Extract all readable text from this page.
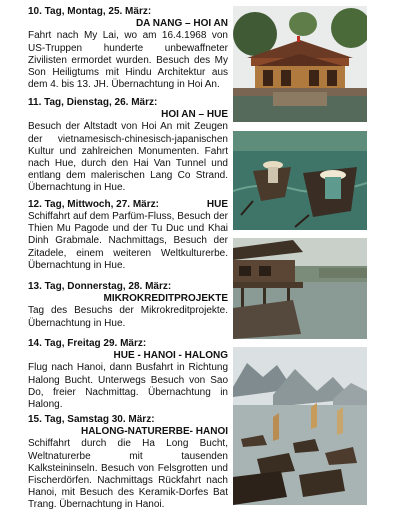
10. Tag, Montag, 25. März:
DA NANG – HOI AN
Fahrt nach My Lai, wo am 16.4.1968 von US-Truppen hunderte unbewaffneter Zivilisten ermordet wurden. Besuch des My Son Heiligtums mit Hindu Architektur aus dem 4. bis 13. JH. Übernachtung in Hoi An.
11. Tag, Dienstag, 26. März:
HOI AN – HUE
Besuch der Altstadt von Hoi An mit Zeugen der vietnamesisch-chinesisch-japanischen Kultur und zahlreichen Monumenten. Fahrt nach Hue, durch den Hai Van Tunnel und entlang dem malerischen Lang Co Strand. Übernachtung in Hue.
12. Tag, Mittwoch, 27. März:	HUE
Schiffahrt auf dem Parfüm-Fluss, Besuch der Thien Mu Pagode und der Tu Duc und Khai Dinh Grabmale. Nachmittags, Besuch der Zitadele, einem weiteren Weltkulturerbe. Übernachtung in Hue.
13. Tag, Donnerstag, 28. März:
MIKROKREDITPROJEKTE
Tag des Besuchs der Mikrokreditprojekte. Übernachtung in Hue.
14. Tag, Freitag 29. März:
HUE - HANOI - HALONG
Flug nach Hanoi, dann Busfahrt in Richtung Halong Bucht. Unterwegs Besuch von Sao Do, freier Nachmittag. Übernachtung in Halong.
15. Tag, Samstag 30. März:
HALONG-NATURERBE- HANOI
Schiffahrt durch die Ha Long Bucht, Weltnaturerbe mit tausenden Kalksteininseln. Besuch von Felsgrotten und Fischerdörfen. Nachmittags Rückfahrt nach Hanoi, mit Besuch des Keramik-Dorfes Bat Trang. Übernachtung in Hanoi.
